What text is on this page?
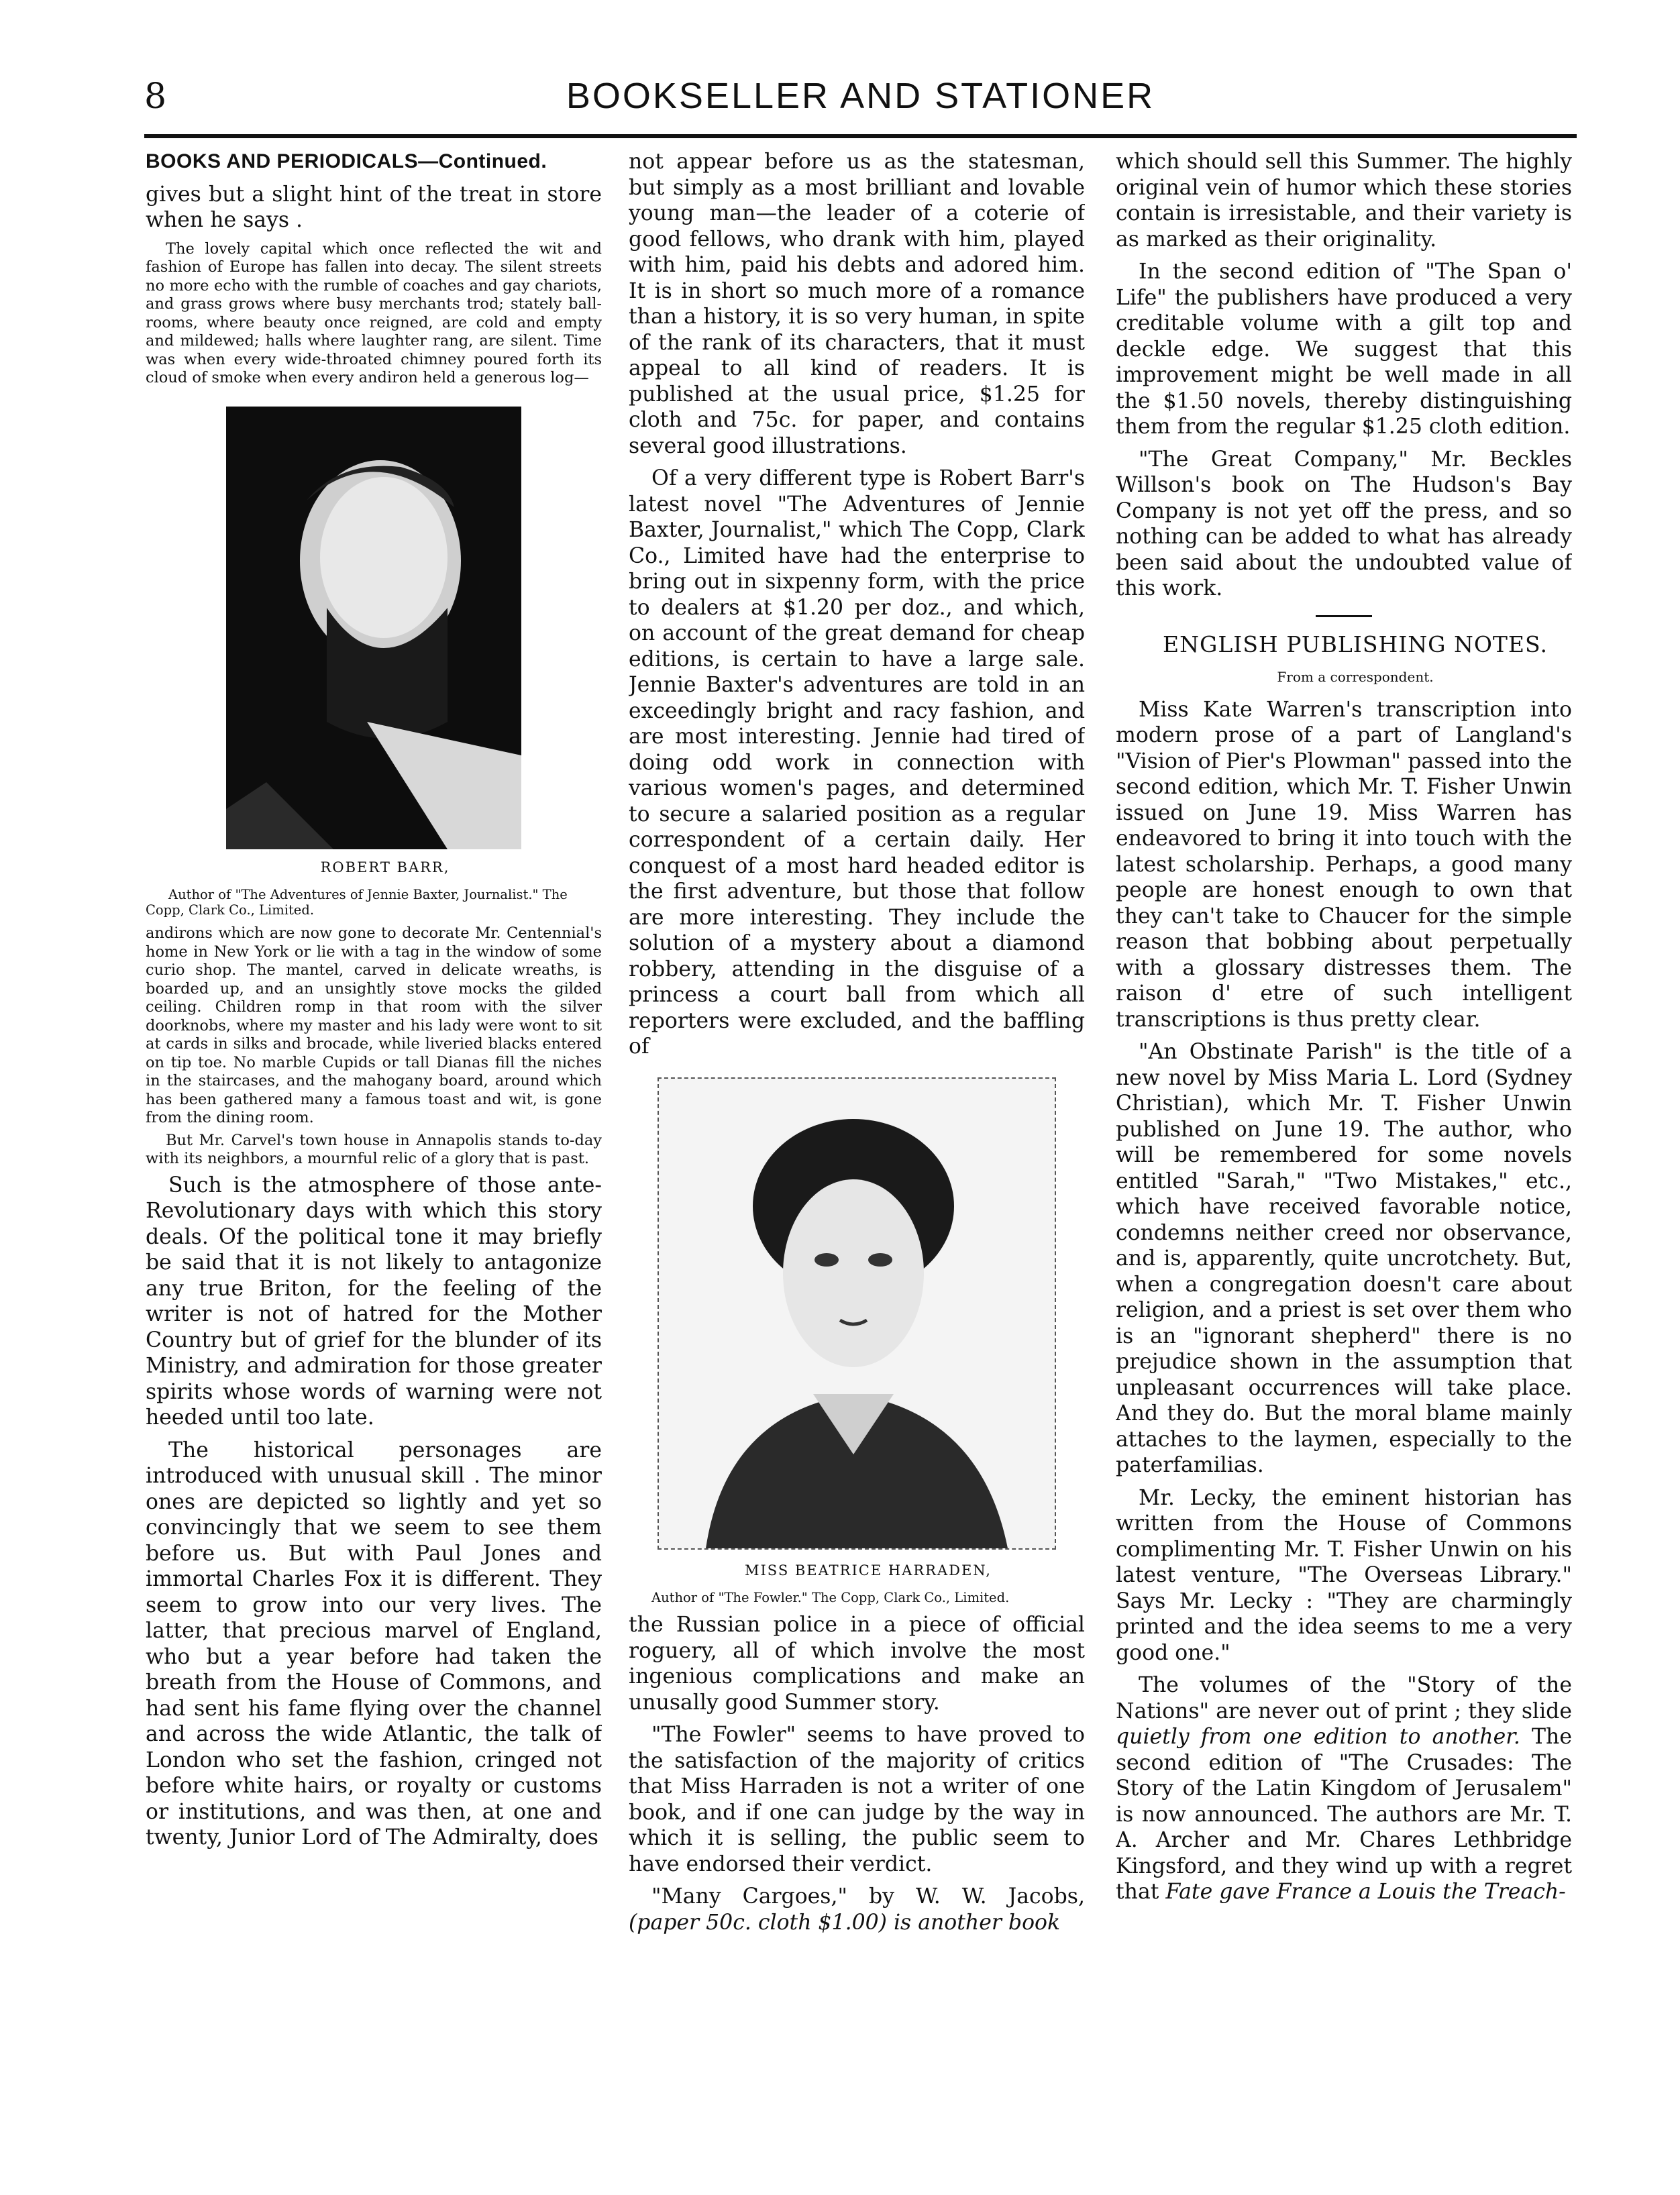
8	BOOKSELLER AND STATIONER

BOOKS AND PERIODICALS—Continued.

gives but a slight hint of the treat in store when he says .

The lovely capital which once reflected the wit and fashion of Europe has fallen into decay. The silent streets no more echo with the rumble of coaches and gay chariots, and grass grows where busy merchants trod; stately ball-rooms, where beauty once reigned, are cold and empty and mildewed; halls where laughter rang, are silent. Time was when every wide-throated chimney poured forth its cloud of smoke when every andiron held a generous log—

ROBERT BARR,

Author of "The Adventures of Jennie Baxter, Journalist." The Copp, Clark Co., Limited.

andirons which are now gone to decorate Mr. Centennial's home in New York or lie with a tag in the window of some curio shop. The mantel, carved in delicate wreaths, is boarded up, and an unsightly stove mocks the gilded ceiling. Children romp in that room with the silver doorknobs, where my master and his lady were wont to sit at cards in silks and brocade, while liveried blacks entered on tip toe. No marble Cupids or tall Dianas fill the niches in the staircases, and the mahogany board, around which has been gathered many a famous toast and wit, is gone from the dining room.

But Mr. Carvel's town house in Annapolis stands to-day with its neighbors, a mournful relic of a glory that is past.

Such is the atmosphere of those ante-Revolutionary days with which this story deals. Of the political tone it may briefly be said that it is not likely to antagonize any true Briton, for the feeling of the writer is not of hatred for the Mother Country but of grief for the blunder of its Ministry, and admiration for those greater spirits whose words of warning were not heeded until too late.

The historical personages are introduced with unusual skill . The minor ones are depicted so lightly and yet so convincingly that we seem to see them before us. But with Paul Jones and immortal Charles Fox it is different. They seem to grow into our very lives. The latter, that precious marvel of England, who but a year before had taken the breath from the House of Commons, and had sent his fame flying over the channel and across the wide Atlantic, the talk of London who set the fashion, cringed not before white hairs, or royalty or customs or institutions, and was then, at one and twenty, Junior Lord of The Admiralty, does

not appear before us as the statesman, but simply as a most brilliant and lovable young man—the leader of a coterie of good fellows, who drank with him, played with him, paid his debts and adored him. It is in short so much more of a romance than a history, it is so very human, in spite of the rank of its characters, that it must appeal to all kind of readers. It is published at the usual price, $1.25 for cloth and 75c. for paper, and contains several good illustrations.

Of a very different type is Robert Barr's latest novel "The Adventures of Jennie Baxter, Journalist," which The Copp, Clark Co., Limited have had the enterprise to bring out in sixpenny form, with the price to dealers at $1.20 per doz., and which, on account of the great demand for cheap editions, is certain to have a large sale. Jennie Baxter's adventures are told in an exceedingly bright and racy fashion, and are most interesting. Jennie had tired of doing odd work in connection with various women's pages, and determined to secure a salaried position as a regular correspondent of a certain daily. Her conquest of a most hard headed editor is the first adventure, but those that follow are more interesting. They include the solution of a mystery about a diamond robbery, attending in the disguise of a princess a court ball from which all reporters were excluded, and the baffling of

MISS BEATRICE HARRADEN,

Author of "The Fowler." The Copp, Clark Co., Limited.

the Russian police in a piece of official roguery, all of which involve the most ingenious complications and make an unusally good Summer story.

"The Fowler" seems to have proved to the satisfaction of the majority of critics that Miss Harraden is not a writer of one book, and if one can judge by the way in which it is selling, the public seem to have endorsed their verdict.

"Many Cargoes," by W. W. Jacobs, (paper 50c. cloth $1.00) is another book

which should sell this Summer. The highly original vein of humor which these stories contain is irresistable, and their variety is as marked as their originality.

In the second edition of "The Span o' Life" the publishers have produced a very creditable volume with a gilt top and deckle edge. We suggest that this improvement might be well made in all the $1.50 novels, thereby distinguishing them from the regular $1.25 cloth edition.

"The Great Company," Mr. Beckles Willson's book on The Hudson's Bay Company is not yet off the press, and so nothing can be added to what has already been said about the undoubted value of this work.

ENGLISH PUBLISHING NOTES.

From a correspondent.

Miss Kate Warren's transcription into modern prose of a part of Langland's "Vision of Pier's Plowman" passed into the second edition, which Mr. T. Fisher Unwin issued on June 19. Miss Warren has endeavored to bring it into touch with the latest scholarship. Perhaps, a good many people are honest enough to own that they can't take to Chaucer for the simple reason that bobbing about perpetually with a glossary distresses them. The raison d' etre of such intelligent transcriptions is thus pretty clear.

"An Obstinate Parish" is the title of a new novel by Miss Maria L. Lord (Sydney Christian), which Mr. T. Fisher Unwin published on June 19. The author, who will be remembered for some novels entitled "Sarah," "Two Mistakes," etc., which have received favorable notice, condemns neither creed nor observance, and is, apparently, quite uncrotchety. But, when a congregation doesn't care about religion, and a priest is set over them who is an "ignorant shepherd" there is no prejudice shown in the assumption that unpleasant occurrences will take place. And they do. But the moral blame mainly attaches to the laymen, especially to the paterfamilias.

Mr. Lecky, the eminent historian has written from the House of Commons complimenting Mr. T. Fisher Unwin on his latest venture, "The Overseas Library." Says Mr. Lecky : "They are charmingly printed and the idea seems to me a very good one."

The volumes of the "Story of the Nations" are never out of print ; they slide quietly from one edition to another. The second edition of "The Crusades: The Story of the Latin Kingdom of Jerusalem" is now announced. The authors are Mr. T. A. Archer and Mr. Chares Lethbridge Kingsford, and they wind up with a regret that Fate gave France a Louis the Treach-
